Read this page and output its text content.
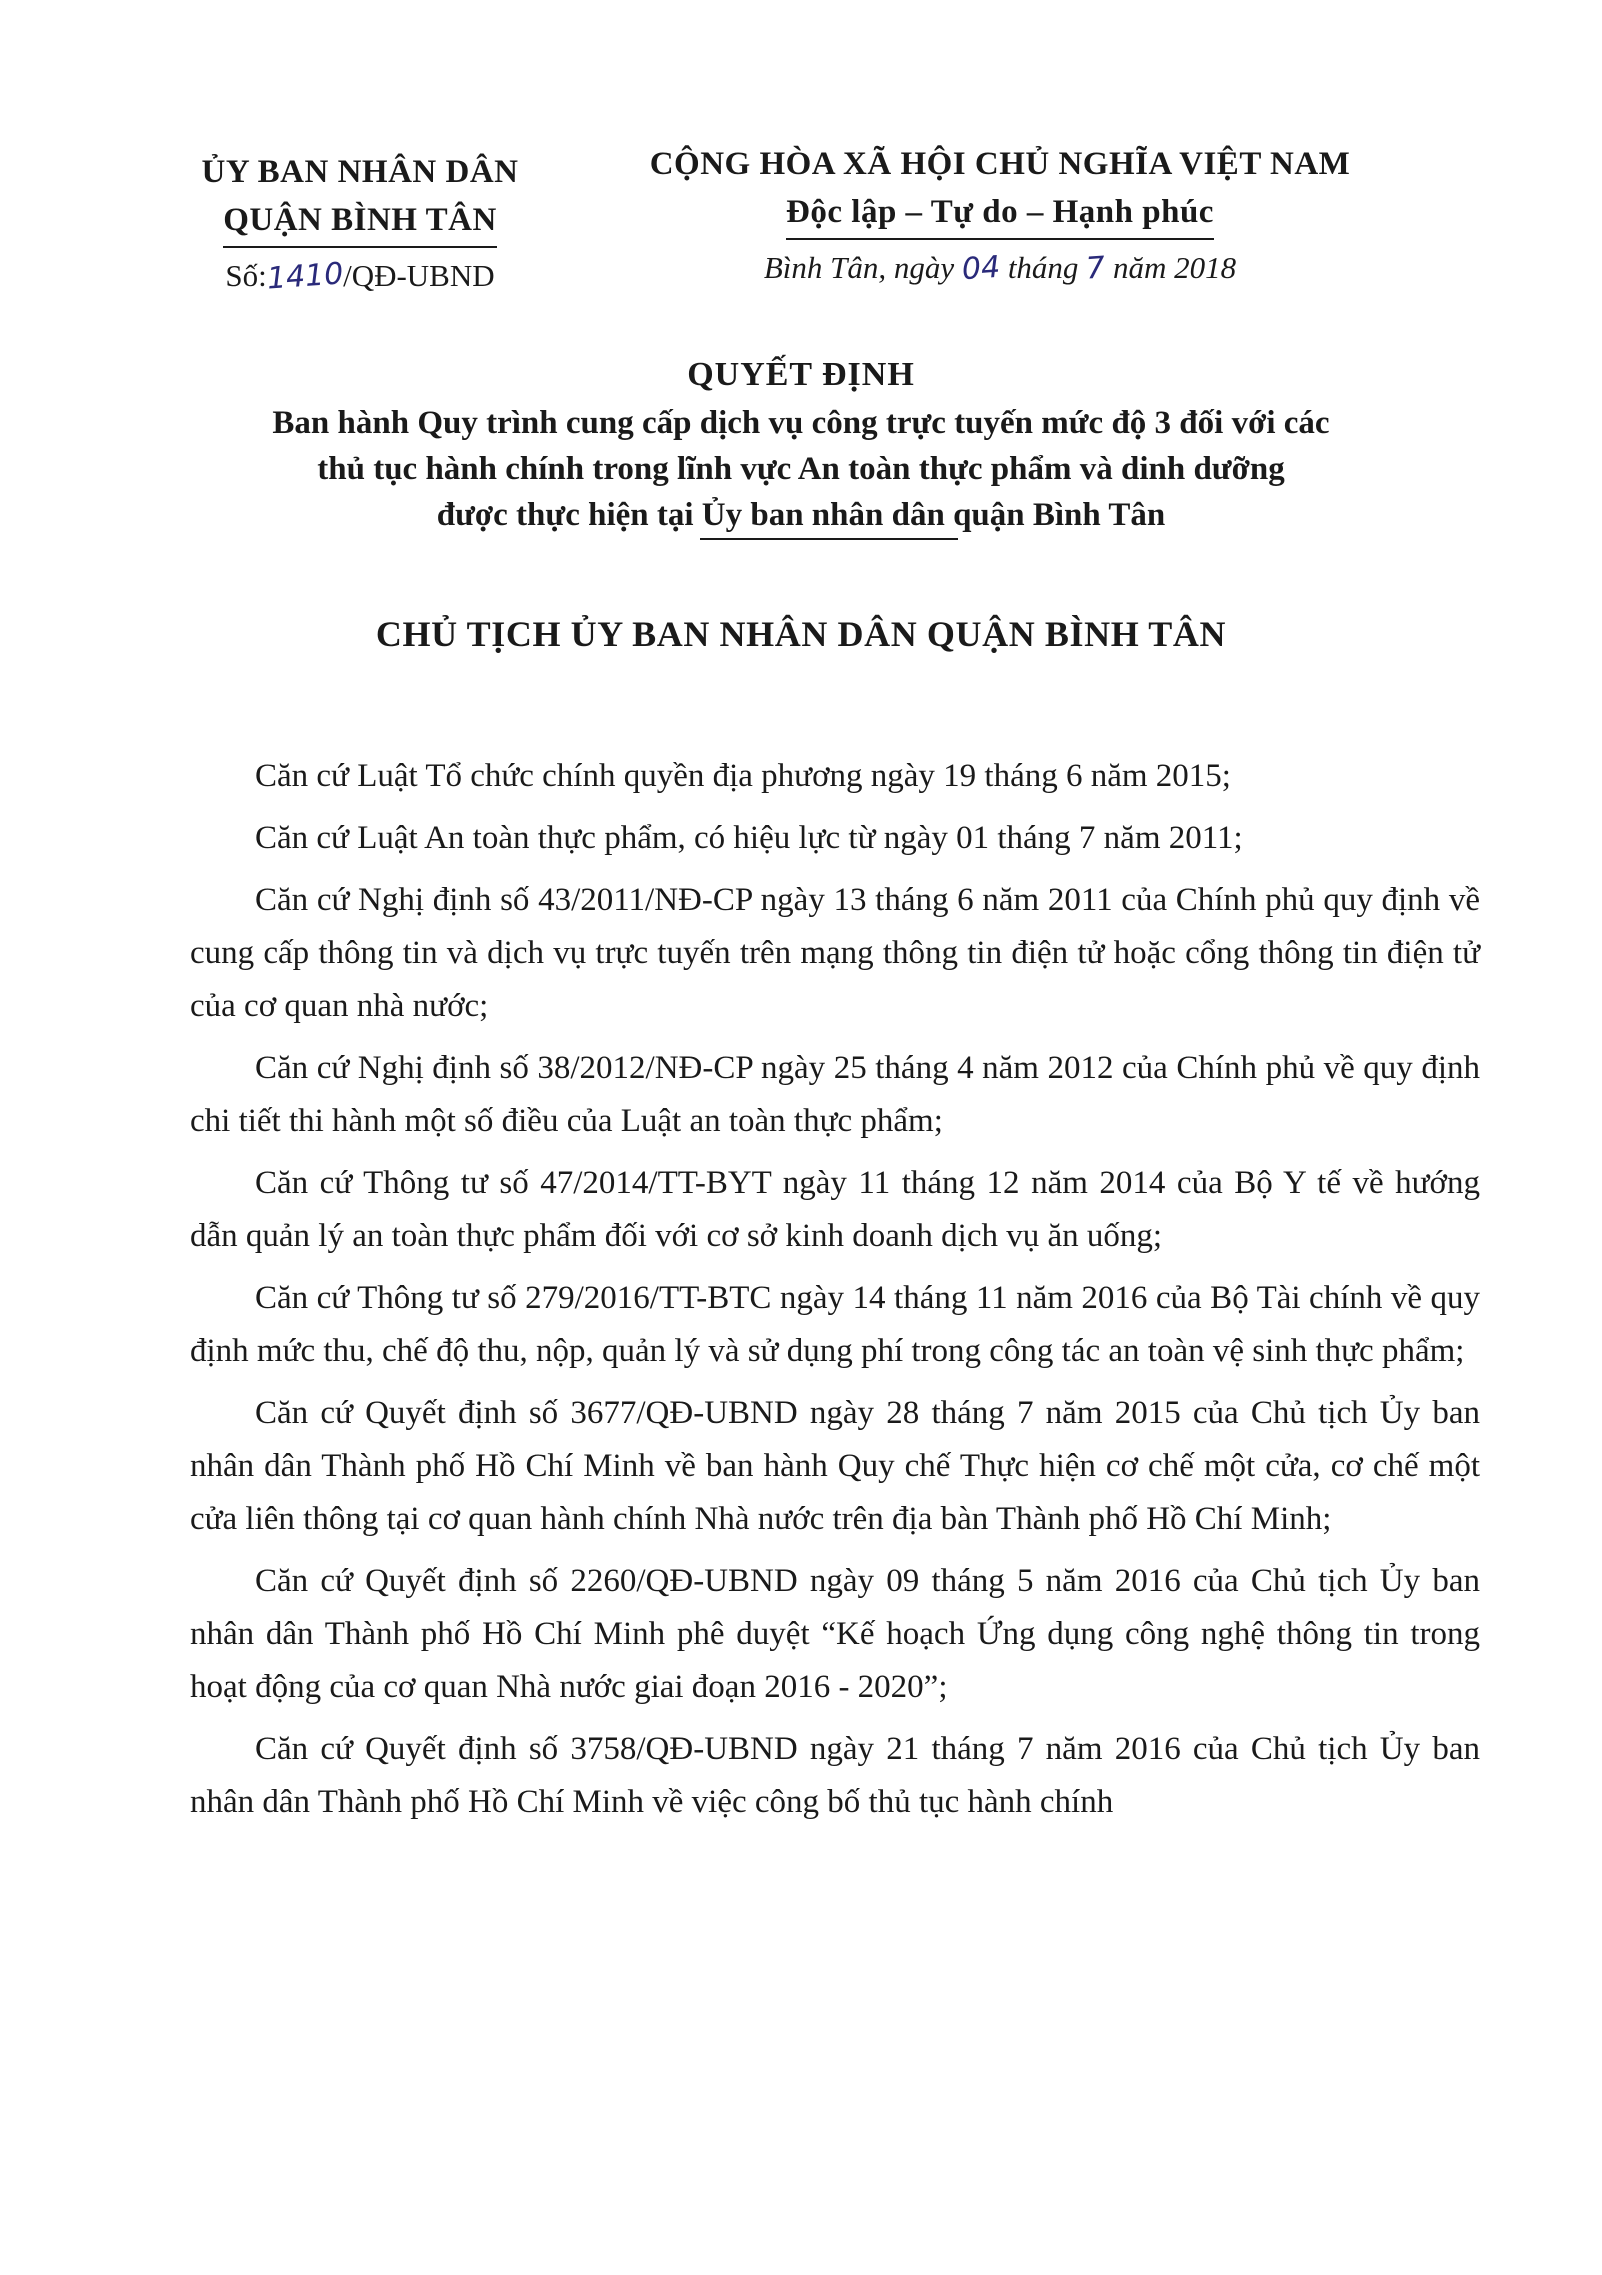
ỦY BAN NHÂN DÂN
QUẬN BÌNH TÂN
Số:1410/QĐ-UBND
CỘNG HÒA XÃ HỘI CHỦ NGHĨA VIỆT NAM
Độc lập – Tự do – Hạnh phúc
Bình Tân, ngày 04 tháng 7 năm 2018
QUYẾT ĐỊNH
Ban hành Quy trình cung cấp dịch vụ công trực tuyến mức độ 3 đối với các
thủ tục hành chính trong lĩnh vực An toàn thực phẩm và dinh dưỡng
được thực hiện tại Ủy ban nhân dân quận Bình Tân
CHỦ TỊCH ỦY BAN NHÂN DÂN QUẬN BÌNH TÂN

Căn cứ Luật Tổ chức chính quyền địa phương ngày 19 tháng 6 năm 2015;

Căn cứ Luật An toàn thực phẩm, có hiệu lực từ ngày 01 tháng 7 năm 2011;

Căn cứ Nghị định số 43/2011/NĐ-CP ngày 13 tháng 6 năm 2011 của Chính phủ quy định về cung cấp thông tin và dịch vụ trực tuyến trên mạng thông tin điện tử hoặc cổng thông tin điện tử của cơ quan nhà nước;

Căn cứ Nghị định số 38/2012/NĐ-CP ngày 25 tháng 4 năm 2012 của Chính phủ về quy định chi tiết thi hành một số điều của Luật an toàn thực phẩm;

Căn cứ Thông tư số 47/2014/TT-BYT ngày 11 tháng 12 năm 2014 của Bộ Y tế về hướng dẫn quản lý an toàn thực phẩm đối với cơ sở kinh doanh dịch vụ ăn uống;

Căn cứ Thông tư số 279/2016/TT-BTC ngày 14 tháng 11 năm 2016 của Bộ Tài chính về quy định mức thu, chế độ thu, nộp, quản lý và sử dụng phí trong công tác an toàn vệ sinh thực phẩm;

Căn cứ Quyết định số 3677/QĐ-UBND ngày 28 tháng 7 năm 2015 của Chủ tịch Ủy ban nhân dân Thành phố Hồ Chí Minh về ban hành Quy chế Thực hiện cơ chế một cửa, cơ chế một cửa liên thông tại cơ quan hành chính Nhà nước trên địa bàn Thành phố Hồ Chí Minh;

Căn cứ Quyết định số 2260/QĐ-UBND ngày 09 tháng 5 năm 2016 của Chủ tịch Ủy ban nhân dân Thành phố Hồ Chí Minh phê duyệt “Kế hoạch Ứng dụng công nghệ thông tin trong hoạt động của cơ quan Nhà nước giai đoạn 2016 - 2020”;

Căn cứ Quyết định số 3758/QĐ-UBND ngày 21 tháng 7 năm 2016 của Chủ tịch Ủy ban nhân dân Thành phố Hồ Chí Minh về việc công bố thủ tục hành chính
